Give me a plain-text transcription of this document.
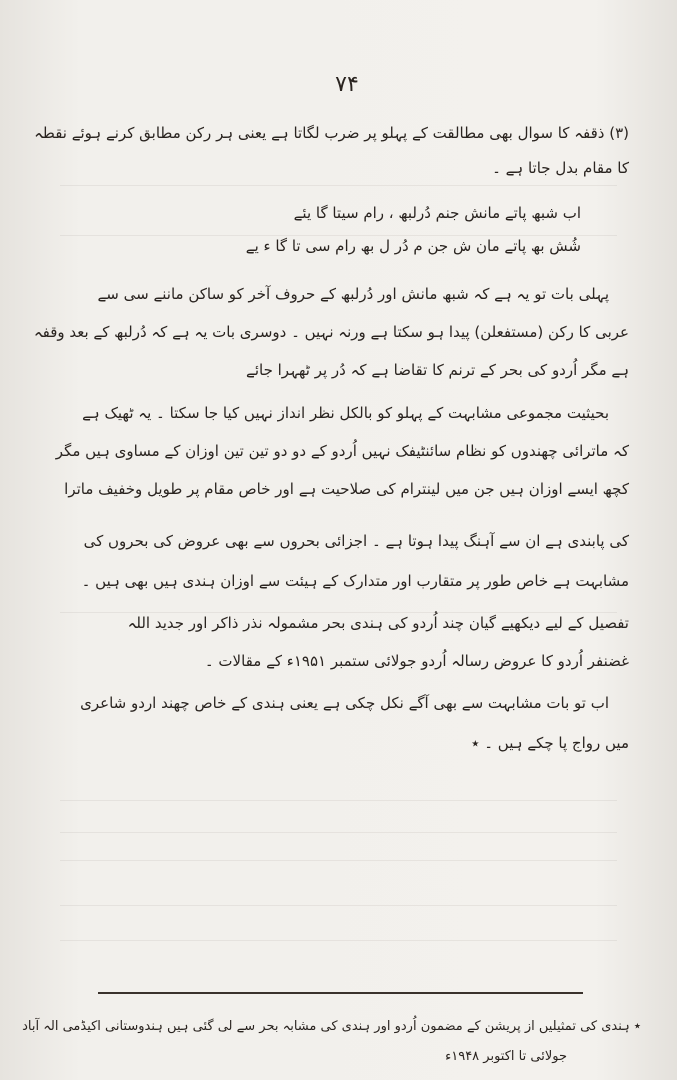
۷۴
(۳) ذقفہ کا سوال بھی مطالقت کے پہلو پر ضرب لگاتا ہے یعنی ہر رکن مطابق کرنے ہوئے نقطہ
کا مقام بدل جاتا ہے ۔
اب شبھ پاتے مانش جنم دُرلبھ ، رام سیتا گا یئے
شُش بھ پاتے مان ش جن م دُر ل بھ رام سی تا گا ء یے
پہلی بات تو یہ ہے کہ شبھ مانش اور دُرلبھ کے حروف آخر کو ساکن ماننے سی سے
عربی کا رکن (مستفعلن) پیدا ہو سکتا ہے ورنہ نہیں ۔ دوسری بات یہ ہے کہ دُرلبھ کے بعد وقفہ
ہے مگر اُردو کی بحر کے ترنم کا تقاضا ہے کہ دُر پر ٹھہرا جائے
بحیثیت مجموعی مشابہت کے پہلو کو بالکل نظر انداز نہیں کیا جا سکتا ۔ یہ ٹھیک ہے
کہ ماترائی چھندوں کو نظام سائنٹیفک نہیں اُردو کے دو دو تین تین اوزان کے مساوی ہیں مگر
کچھ ایسے اوزان ہیں جن میں لینترام کی صلاحیت ہے اور خاص مقام پر طویل وخفیف ماترا
کی پابندی ہے ان سے آہنگ پیدا ہوتا ہے ۔ اجزائی بحروں سے بھی عروض کی بحروں کی
مشابہت ہے خاص طور پر متقارب اور متدارک کے ہیئت سے اوزان ہندی ہیں بھی ہیں ۔
تفصیل کے لیے دیکھیے گیان چند اُردو کی ہندی بحر مشمولہ نذر ذاکر اور جدید اللہ
غضنفر اُردو کا عروض رسالہ اُردو جولائی ستمبر ۱۹۵۱ء کے مقالات ۔
اب تو بات مشابہت سے بھی آگے نکل چکی ہے یعنی ہندی کے خاص چھند اردو شاعری
میں رواج پا چکے ہیں ۔ ٭
٭ ہندی کی تمثیلیں از پریشن کے مضمون اُردو اور ہندی کی مشابہ بحر سے لی گئی ہیں ہندوستانی اکیڈمی الہ آباد
جولائی تا اکتوبر ۱۹۴۸ء
